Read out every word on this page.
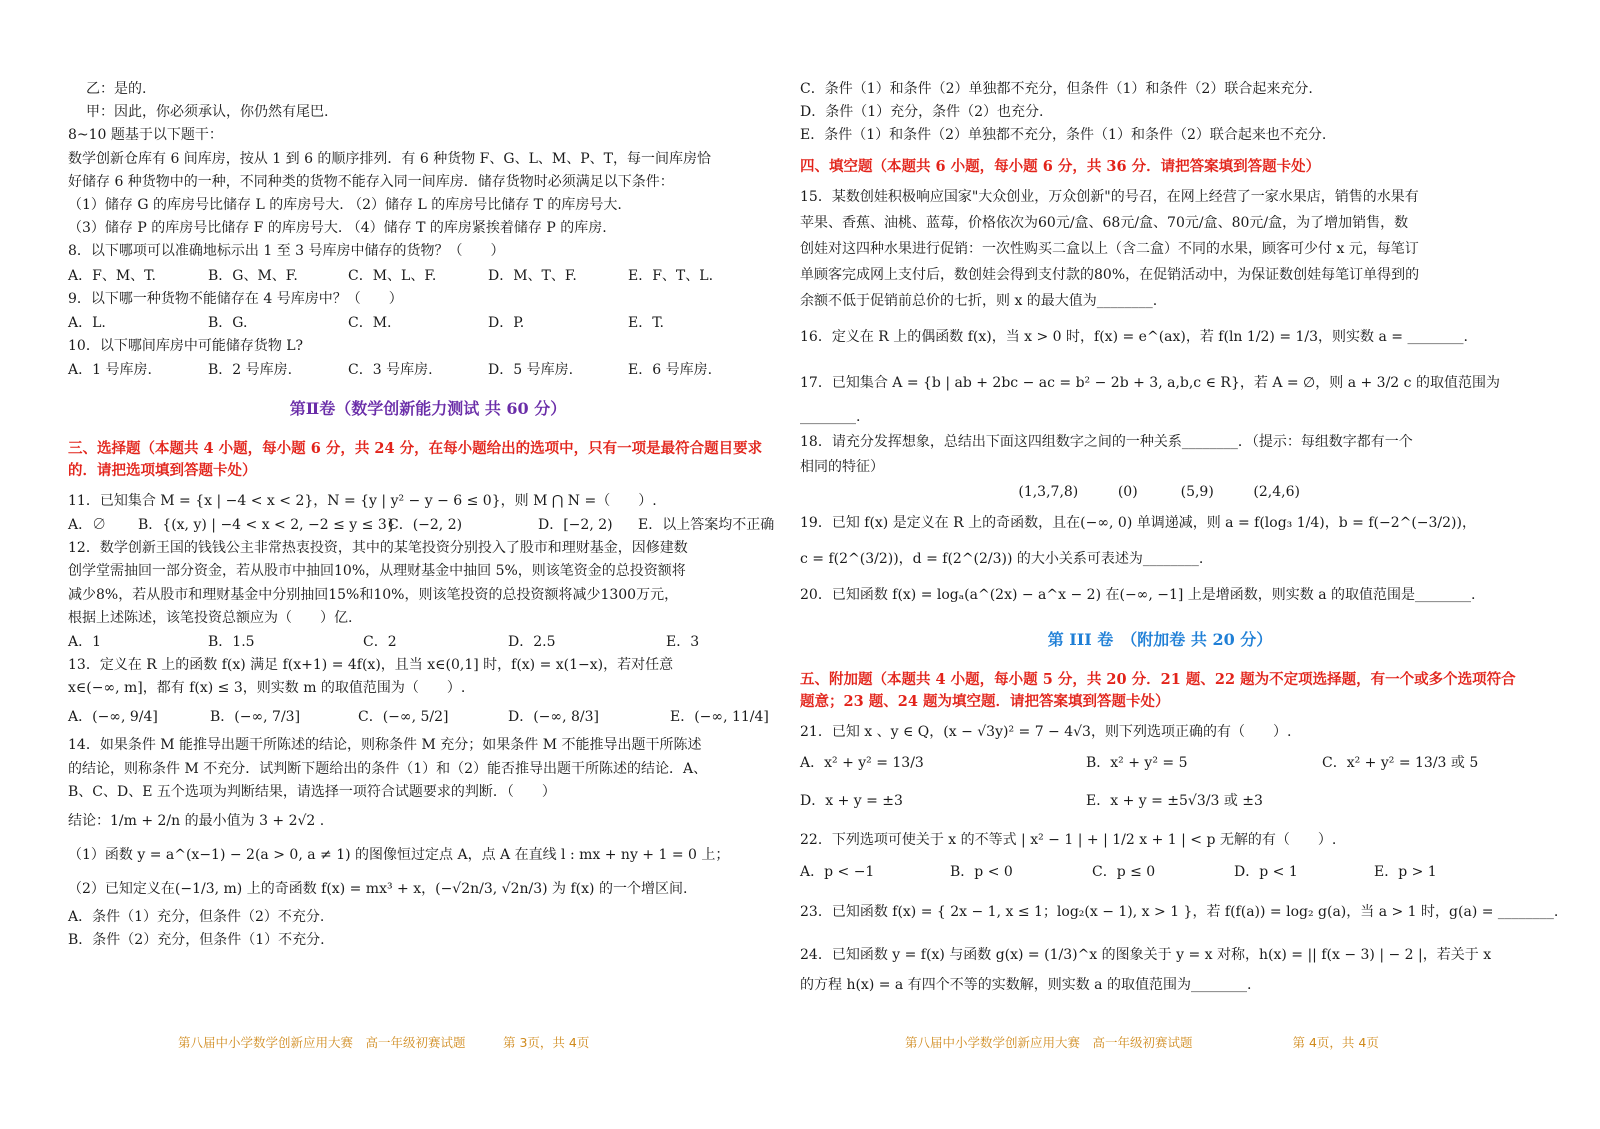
乙：是的.
甲：因此，你必须承认，你仍然有尾巴.
8~10 题基于以下题干：
数学创新仓库有 6 间库房，按从 1 到 6 的顺序排列．有 6 种货物 F、G、L、M、P、T，每一间库房恰
好储存 6 种货物中的一种，不同种类的货物不能存入同一间库房．储存货物时必须满足以下条件：
（1）储存 G 的库房号比储存 L 的库房号大. （2）储存 L 的库房号比储存 T 的库房号大.
（3）储存 P 的库房号比储存 F 的库房号大. （4）储存 T 的库房紧挨着储存 P 的库房.
8．以下哪项可以准确地标示出 1 至 3 号库房中储存的货物？（　　）
A．F、M、T.	B．G、M、F.	C．M、L、F.	D．M、T、F.	E．F、T、L.
9．以下哪一种货物不能储存在 4 号库房中？（　　）
A．L.	B．G.	C．M.	D．P.	E．T.
10．以下哪间库房中可能储存货物 L?
A．1 号库房.	B．2 号库房.	C．3 号库房.	D．5 号库房.	E．6 号库房.
第Ⅱ卷（数学创新能力测试 共 60 分）
三、选择题（本题共 4 小题，每小题 6 分，共 24 分，在每小题给出的选项中，只有一项是最符合题目要求的．请把选项填到答题卡处）
11．已知集合 M = {x | −4 < x < 2}，N = {y | y² − y − 6 ≤ 0}，则 M ⋂ N =（　　）.
A．∅	B．{(x, y) | −4 < x < 2, −2 ≤ y ≤ 3}
C．(−2, 2)	D．[−2, 2)	E．以上答案均不正确
12．数学创新王国的钱钱公主非常热衷投资，其中的某笔投资分别投入了股市和理财基金，因修建数
创学堂需抽回一部分资金，若从股市中抽回10%，从理财基金中抽回 5%，则该笔资金的总投资额将
减少8%，若从股市和理财基金中分别抽回15%和10%，则该笔投资的总投资额将减少1300万元，
根据上述陈述，该笔投资总额应为（　　）亿.
A．1	B．1.5	C．2	D．2.5	E．3
13．定义在 R 上的函数 f(x) 满足 f(x+1) = 4f(x)，且当 x∈(0,1] 时，f(x) = x(1−x)，若对任意
x∈(−∞, m]，都有 f(x) ≤ 3，则实数 m 的取值范围为（　　）.
A．(−∞, 9/4]	B．(−∞, 7/3]	C．(−∞, 5/2]	D．(−∞, 8/3]	E．(−∞, 11/4]
14．如果条件 M 能推导出题干所陈述的结论，则称条件 M 充分；如果条件 M 不能推导出题干所陈述
的结论，则称条件 M 不充分．试判断下题给出的条件（1）和（2）能否推导出题干所陈述的结论．A、
B、C、D、E 五个选项为判断结果，请选择一项符合试题要求的判断．（　　）
结论：1/m + 2/n 的最小值为 3 + 2√2 .
（1）函数 y = a^(x−1) − 2(a > 0, a ≠ 1) 的图像恒过定点 A，点 A 在直线 l : mx + ny + 1 = 0 上；
（2）已知定义在(−1/3, m) 上的奇函数 f(x) = mx³ + x，(−√2n/3, √2n/3) 为 f(x) 的一个增区间.
A．条件（1）充分，但条件（2）不充分.
B．条件（2）充分，但条件（1）不充分.
第八届中小学数学创新应用大赛　高一年级初赛试题　　　第 3页，共 4页
C．条件（1）和条件（2）单独都不充分，但条件（1）和条件（2）联合起来充分.
D．条件（1）充分，条件（2）也充分.
E．条件（1）和条件（2）单独都不充分，条件（1）和条件（2）联合起来也不充分.
四、填空题（本题共 6 小题，每小题 6 分，共 36 分．请把答案填到答题卡处）
15．某数创娃积极响应国家"大众创业，万众创新"的号召，在网上经营了一家水果店，销售的水果有
苹果、香蕉、油桃、蓝莓，价格依次为60元/盒、68元/盒、70元/盒、80元/盒，为了增加销售，数
创娃对这四种水果进行促销：一次性购买二盒以上（含二盒）不同的水果，顾客可少付 x 元，每笔订
单顾客完成网上支付后，数创娃会得到支付款的80%，在促销活动中，为保证数创娃每笔订单得到的
余额不低于促销前总价的七折，则 x 的最大值为________.
16．定义在 R 上的偶函数 f(x)，当 x > 0 时，f(x) = e^(ax)，若 f(ln 1/2) = 1/3，则实数 a = ________.
17．已知集合 A = {b | ab + 2bc − ac = b² − 2b + 3, a,b,c ∈ R}，若 A = ∅，则 a + 3/2 c 的取值范围为
________.
18．请充分发挥想象，总结出下面这四组数字之间的一种关系________．（提示：每组数字都有一个
相同的特征）
(1,3,7,8)	(0)	(5,9)	(2,4,6)
19．已知 f(x) 是定义在 R 上的奇函数，且在(−∞, 0) 单调递减，则 a = f(log₃ 1/4)，b = f(−2^(−3/2))，
c = f(2^(3/2))，d = f(2^(2/3)) 的大小关系可表述为________.
20．已知函数 f(x) = logₐ(a^(2x) − a^x − 2) 在(−∞, −1] 上是增函数，则实数 a 的取值范围是________.
第 III 卷　（附加卷 共 20 分）
五、附加题（本题共 4 小题，每小题 5 分，共 20 分．21 题、22 题为不定项选择题，有一个或多个选项符合题意；23 题、24 题为填空题．请把答案填到答题卡处）
21．已知 x 、y ∈ Q，(x − √3y)² = 7 − 4√3，则下列选项正确的有（　　）.
A．x² + y² = 13/3	B．x² + y² = 5	C．x² + y² = 13/3 或 5
D．x + y = ±3	E．x + y = ±5√3/3 或 ±3
22．下列选项可使关于 x 的不等式 | x² − 1 | + | 1/2 x + 1 | < p 无解的有（　　）.
A．p < −1	B．p < 0	C．p ≤ 0	D．p < 1	E．p > 1
23．已知函数 f(x) = { 2x − 1, x ≤ 1；log₂(x − 1), x > 1 }，若 f(f(a)) = log₂ g(a)，当 a > 1 时，g(a) = ________.
24．已知函数 y = f(x) 与函数 g(x) = (1/3)^x 的图象关于 y = x 对称，h(x) = || f(x − 3) | − 2 |，若关于 x
的方程 h(x) = a 有四个不等的实数解，则实数 a 的取值范围为________.
第八届中小学数学创新应用大赛　高一年级初赛试题　　　　　　　　第 4页，共 4页
